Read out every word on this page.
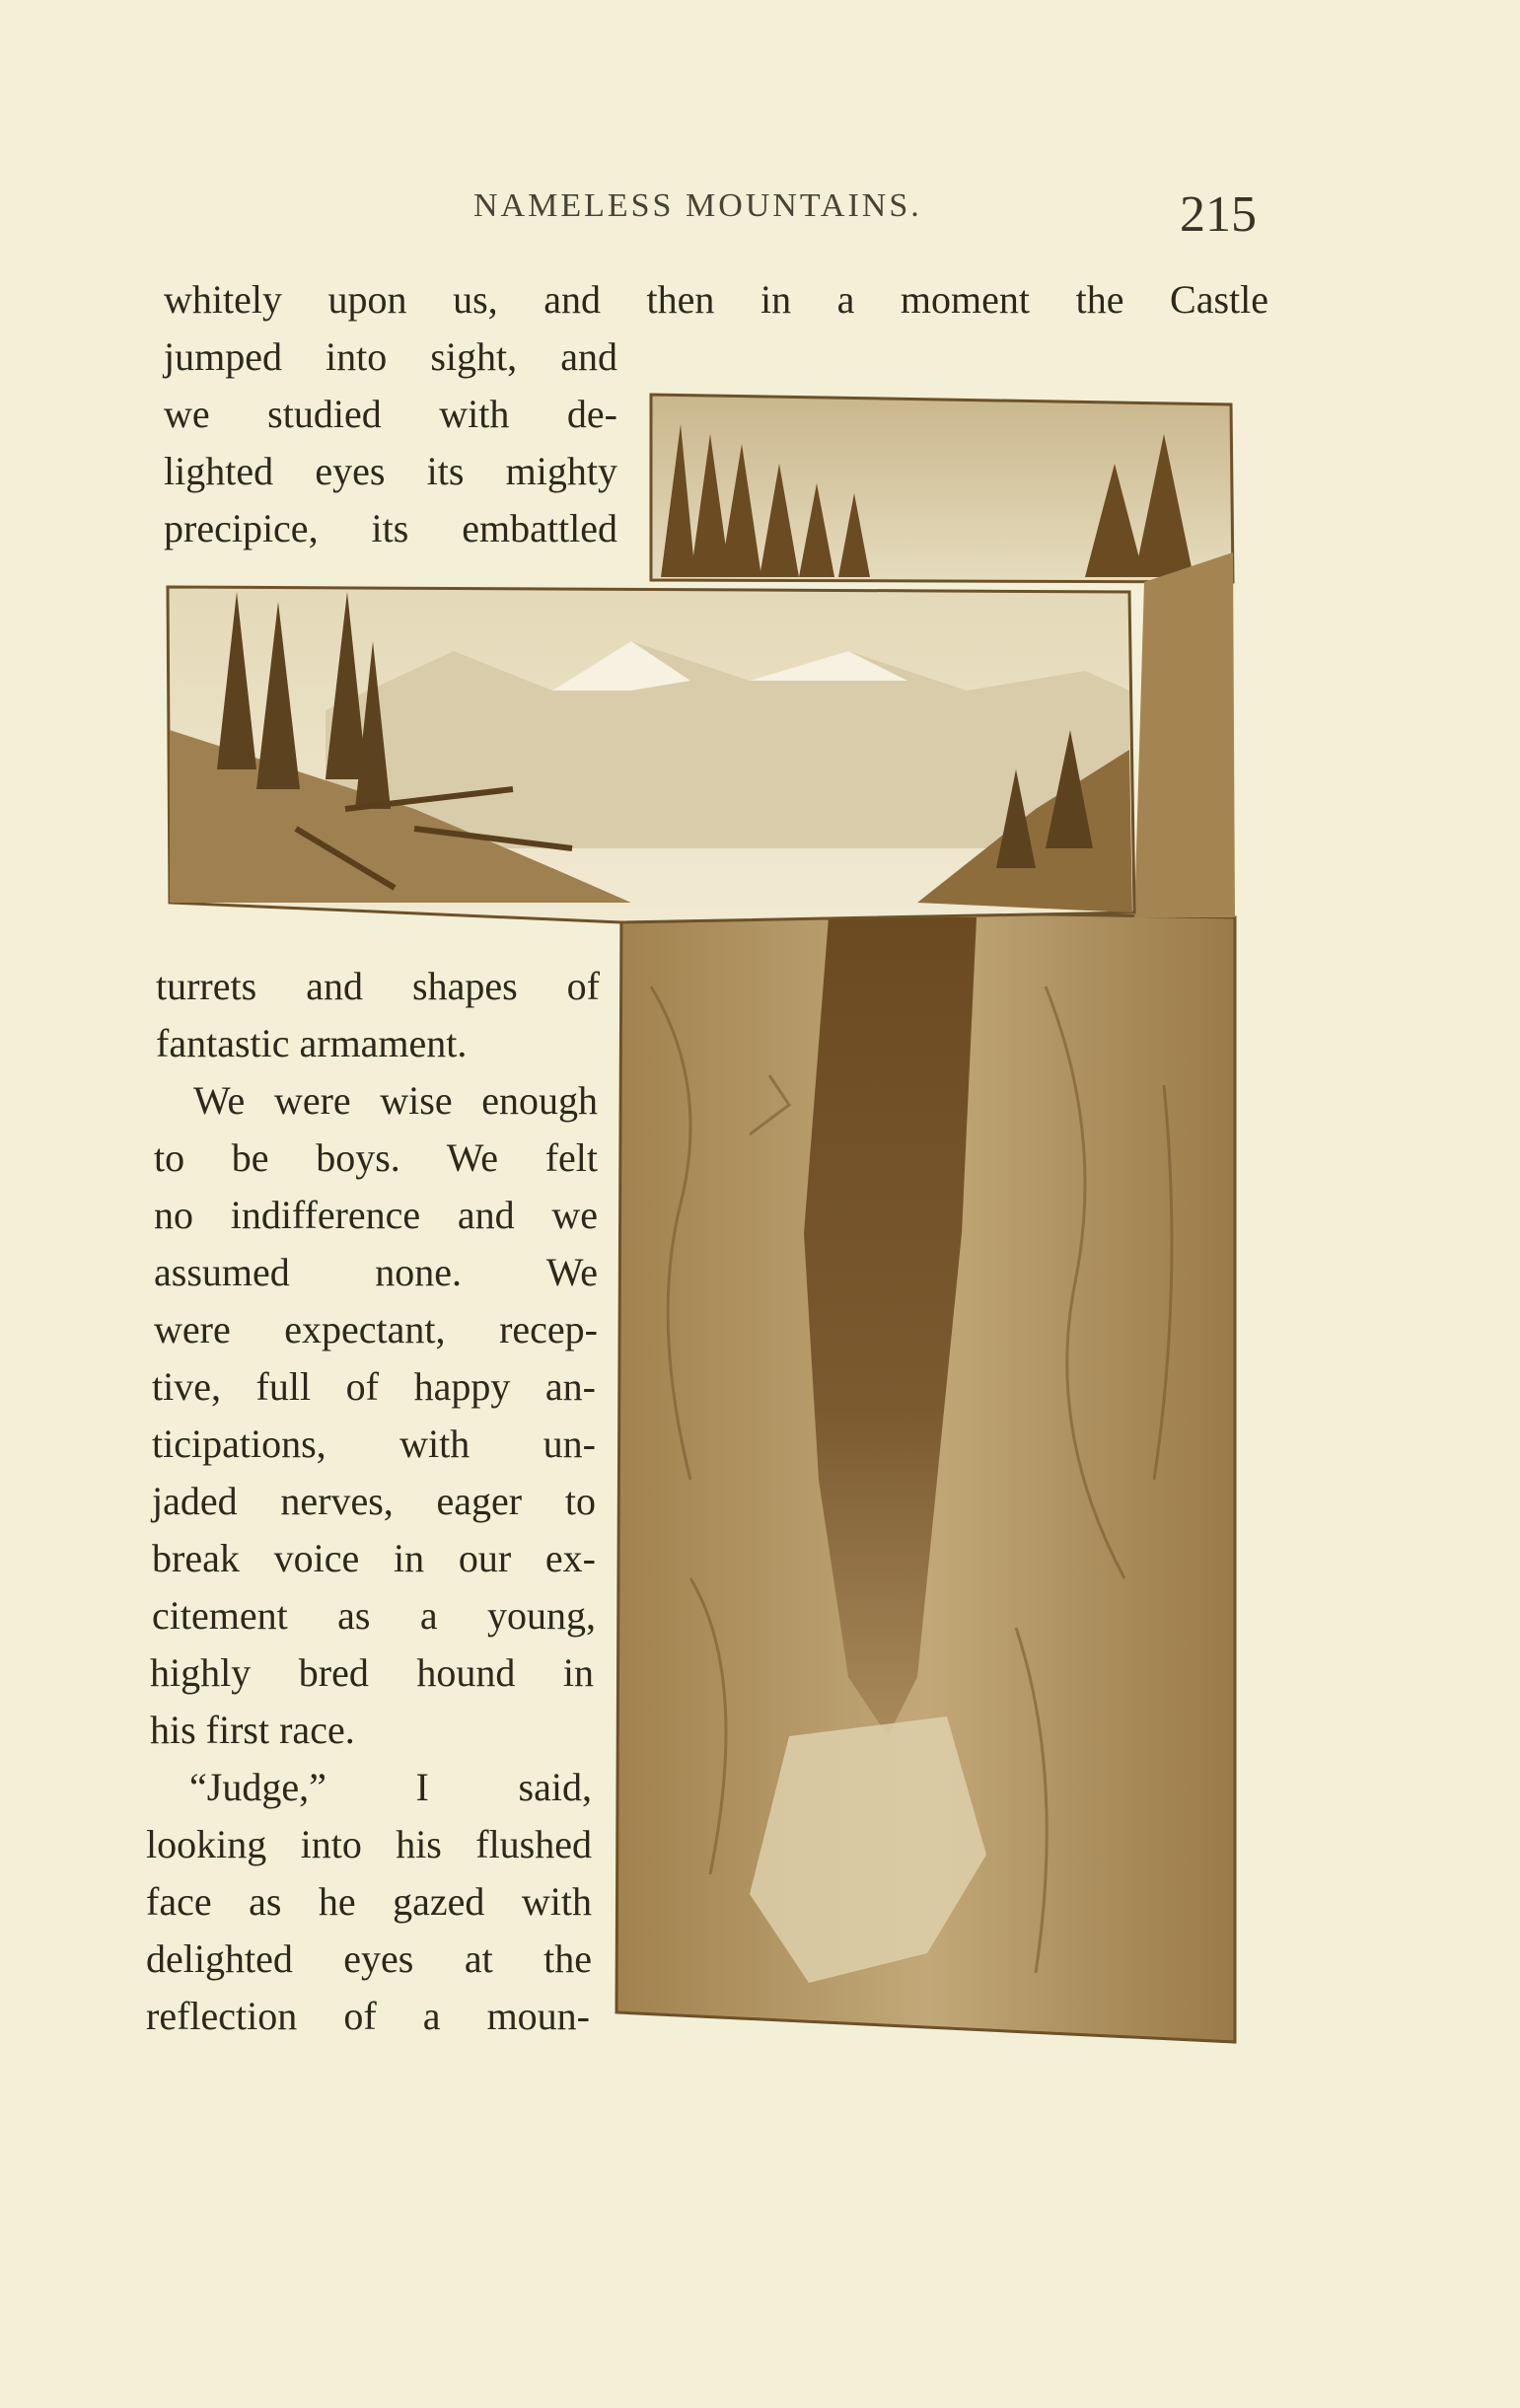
NAMELESS MOUNTAINS.	215
whitely upon us, and then in a moment the Castle
jumped into sight, and
we studied with de-
lighted eyes its mighty
precipice, its embattled
turrets and shapes of
fantastic armament.
We were wise enough
to be boys. We felt
no indifference and we
assumed none. We
were expectant, recep-
tive, full of happy an-
ticipations, with un-
jaded nerves, eager to
break voice in our ex-
citement as a young,
highly bred hound in
his first race.
“Judge,” I said,
looking into his flushed
face as he gazed with
delighted eyes at the
reflection of a moun-
